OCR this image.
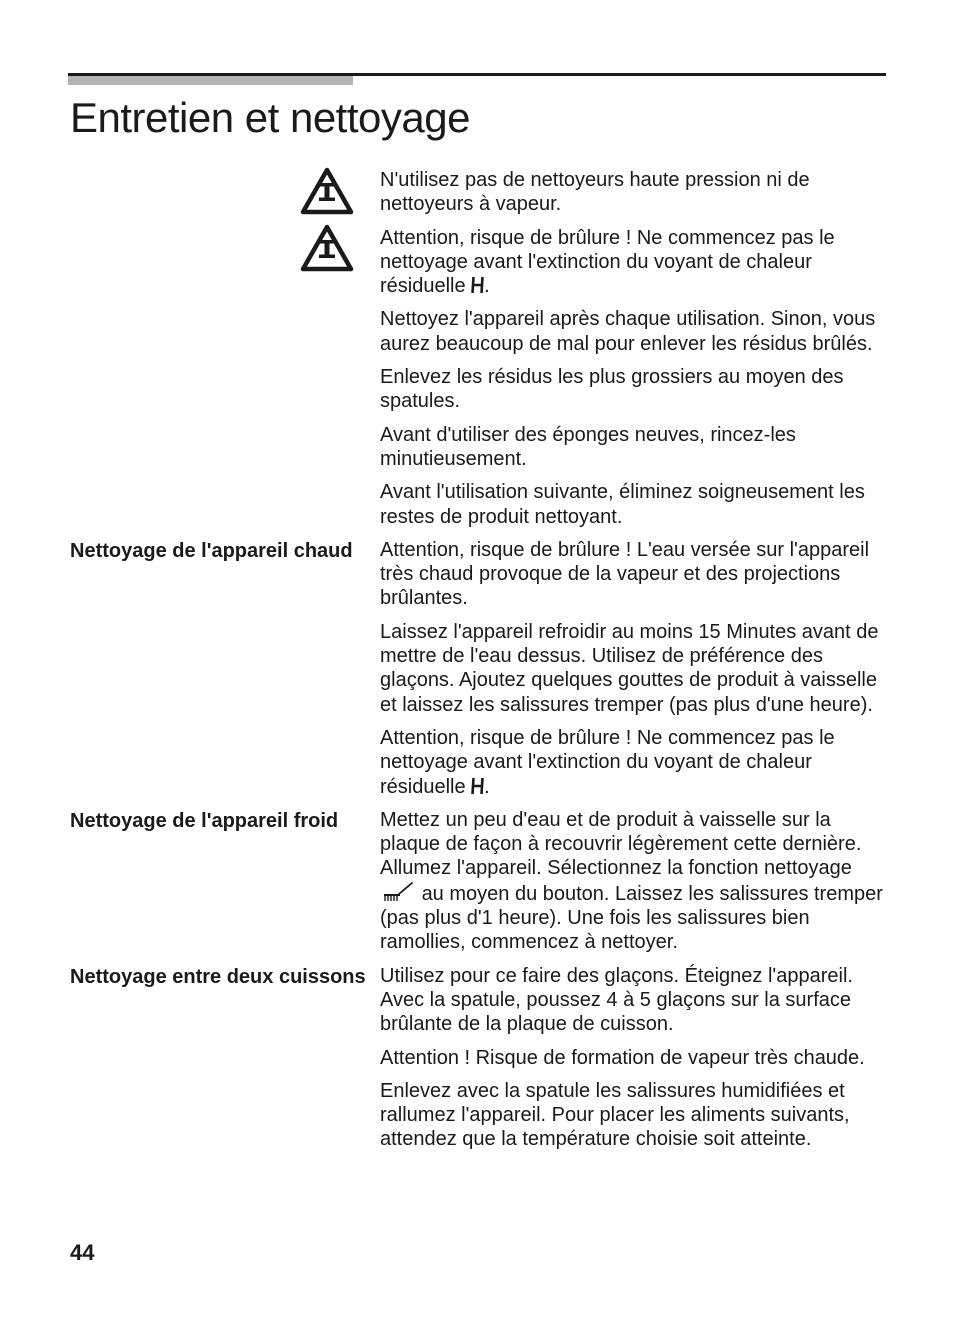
Entretien et nettoyage

N'utilisez pas de nettoyeurs haute pression ni de nettoyeurs à vapeur.

Attention, risque de brûlure ! Ne commencez pas le nettoyage avant l'extinction du voyant de chaleur résiduelle .

Nettoyez l'appareil après chaque utilisation. Sinon, vous aurez beaucoup de mal pour enlever les résidus brûlés.

Enlevez les résidus les plus grossiers au moyen des spatules.

Avant d'utiliser des éponges neuves, rincez-les minutieusement.

Avant l'utilisation suivante, éliminez soigneusement les restes de produit nettoyant.

Nettoyage de l'appareil chaud	Attention, risque de brûlure ! L'eau versée sur l'appareil très chaud provoque de la vapeur et des projections brûlantes.

Laissez l'appareil refroidir au moins 15 Minutes avant de mettre de l'eau dessus. Utilisez de préférence des glaçons. Ajoutez quelques gouttes de produit à vaisselle et laissez les salissures tremper (pas plus d'une heure).

Attention, risque de brûlure ! Ne commencez pas le nettoyage avant l'extinction du voyant de chaleur résiduelle .

Nettoyage de l'appareil froid	Mettez un peu d'eau et de produit à vaisselle sur la plaque de façon à recouvrir légèrement cette dernière. Allumez l'appareil. Sélectionnez la fonction nettoyage  au moyen du bouton. Laissez les salissures tremper (pas plus d'1 heure). Une fois les salissures bien ramollies, commencez à nettoyer.

Nettoyage entre deux cuissons Utilisez pour ce faire des glaçons. Éteignez l'appareil. Avec la spatule, poussez 4 à 5 glaçons sur la surface brûlante de la plaque de cuisson.

Attention ! Risque de formation de vapeur très chaude.

Enlevez avec la spatule les salissures humidifiées et rallumez l'appareil. Pour placer les aliments suivants, attendez que la température choisie soit atteinte.

44
